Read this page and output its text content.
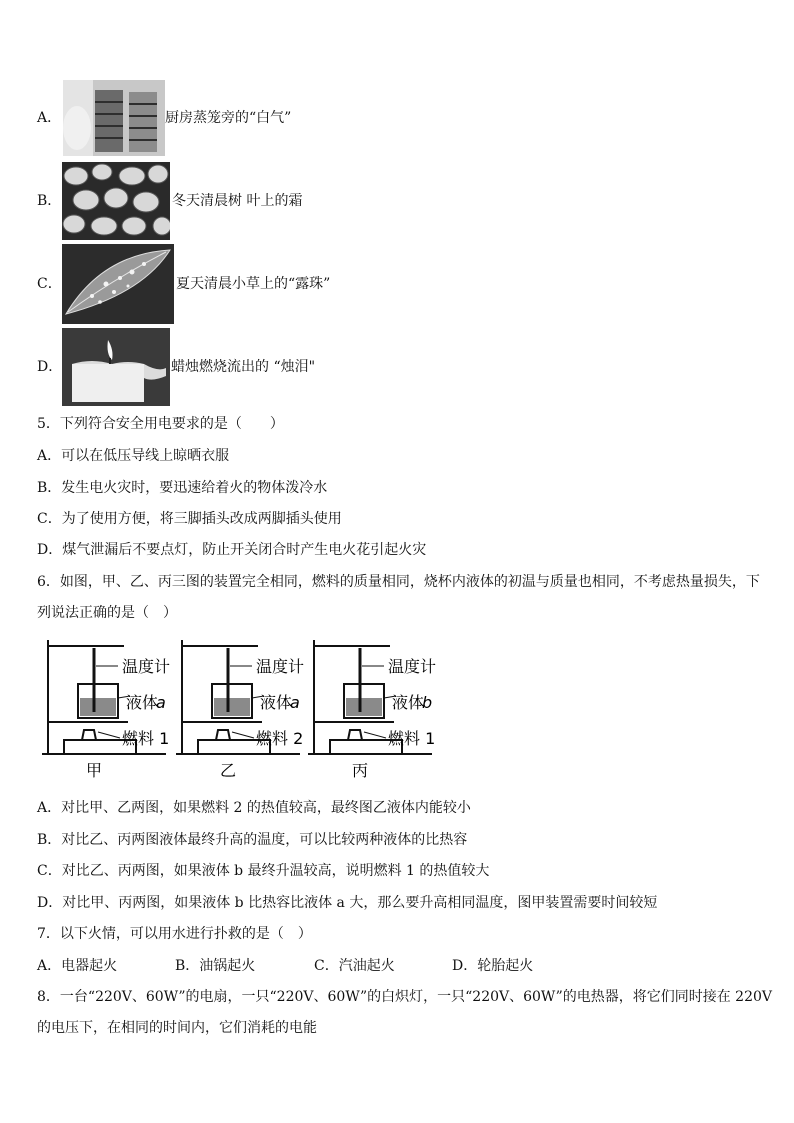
A．	厨房蒸笼旁的“白气”
B．	冬天清晨树 叶上的霜
C．	夏天清晨小草上的“露珠”
D．	蜡烛燃烧流出的 “烛泪"
5．下列符合安全用电要求的是（　　）
A．可以在低压导线上晾晒衣服
B．发生电火灾时，要迅速给着火的物体泼冷水
C．为了使用方便，将三脚插头改成两脚插头使用
D．煤气泄漏后不要点灯，防止开关闭合时产生电火花引起火灾
6．如图，甲、乙、丙三图的装置完全相同，燃料的质量相同，烧杯内液体的初温与质量也相同，不考虑热量损失，下
列说法正确的是（　）
温度计
液体
a
燃料 1
甲
温度计
液体
a
燃料 2
乙
温度计
液体
b
燃料 1
丙
A．对比甲、乙两图，如果燃料 2 的热值较高，最终图乙液体内能较小
B．对比乙、丙两图液体最终升高的温度，可以比较两种液体的比热容
C．对比乙、丙两图，如果液体 b 最终升温较高，说明燃料 1 的热值较大
D．对比甲、丙两图，如果液体 b 比热容比液体 a 大，那么要升高相同温度，图甲装置需要时间较短
7．以下火情，可以用水进行扑救的是（　）
A．电器起火	B．油锅起火	C．汽油起火	D．轮胎起火
8．一台“220V、60W”的电扇，一只“220V、60W”的白炽灯，一只“220V、60W”的电热器，将它们同时接在 220V
的电压下，在相同的时间内，它们消耗的电能
